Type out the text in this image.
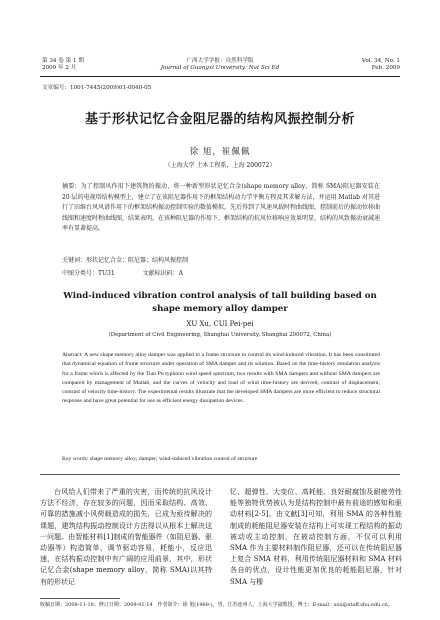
第 34 卷 第 1 期
2009 年 2 月
广西大学学报：自然科学版
Journal of Guangxi University: Nat Sci Ed
Vol. 34, No. 1
Feb. 2009
文章编号：1001-7445(2009)01-0040-05
基于形状记忆合金阻尼器的结构风振控制分析
徐 旭，崔佩佩
（上海大学 土木工程系，上海 200072）
摘要：为了控制风作用下建筑物的振动，将一种新型形状记忆合金(shape memory alloy，简称 SMA)阻尼器安装在 20 层的电视塔结构模型上，建立了在该阻尼器作用下的框架结构动力学平衡方程及其求解方法，并运用 Matlab 对其进行了田维台风风谱作用下的框架结构振动控制实验的数值模拟，先后得到了风速风载时程曲线图，控制前后的振动位移曲线图和速度时程曲线图，结果表明，在该种阻尼器的作用下，框架结构的抗风位移响应效果明显，结构的风致振动衰减速率有显著提高。
关键词：形状记忆合金；阻尼器；结构风振控制
中图分类号：TU31	文献标识码：A
Wind-induced vibration control analysis of tall building based on shape memory alloy damper
XU Xu, CUI Pei-pei
(Department of Civil Engineering, Shanghai University, Shanghai 200072, China)
Abstract: A new shape memory alloy damper was applied to a frame structure to control its wind-induced vibration. It has been constituted that dynamical equation of frame structure under operation of SMA damper and its solution. Based on the time-history emulation analysis for a frame which is affected by the Tian Pu typhoon wind speed spectrum, two results with SMA dampers and without SMA dampers are compared by management of Matlab, and the curves of velocity and load of wind time-history are derived, contrast of displacement, contrast of velocity time-history. The experimental results illustrate that the developed SMA dampers are more efficient to reduce structural response and have great potential for use as efficient energy dissipation devices.
Key words: shape memory alloy; damper; wind-induced vibration control of structure

台风给人们带来了严重的灾害，而传统的抗风设计方法不经济，存在较多的问题，因而采取结构、高效、可靠的措施减小风荷载造成的损失，已成为亟待解决的课题，建筑结构振动控制设计方法得以从根本上解决这一问题。由智能材料[1]制成的智能器件（如阻尼器、驱动器等）构造简单，调节驱动容易，耗能小，反应迅速，在结构振动控制中有广阔的应用前景，其中，形状记忆合金(shape memory alloy，简称 SMA)以其特有的形状记

忆、超弹性、大变位、高耗能、良好耐腐蚀及耐疲劳性能等独特优势被认为是结构控制中最有前途的感知和驱动材料[2-5]。由文献[3]可知，利用 SMA 的各种性能制成的耗能阻尼器安装在结构上可实现工程结构的振动被动或主动控制，在被动控制方面，不仅可以利用 SMA 作为主要材料制作阻尼器，还可以在传统阻尼器上复合 SMA 材料，利用传统阻尼器材料和 SMA 材料各自的优点，设计性能更加优良的耗能阻尼器，针对 SMA 与橡

收稿日期：2008-11-18；修订日期：2009-01-14　作者简介：徐 旭(1968-)，男，江苏连州人，上海大学副教授，博士；E-mail：xxu@staff.shu.edu.cn。
